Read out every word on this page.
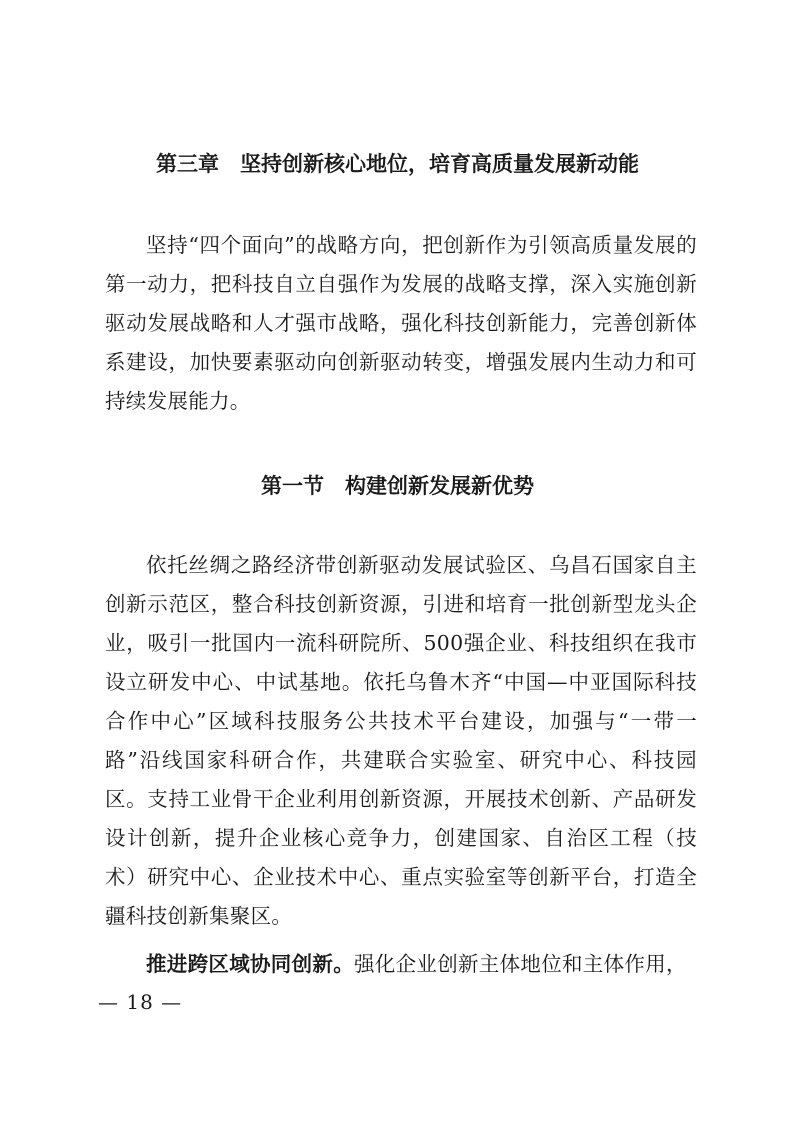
第三章　坚持创新核心地位，培育高质量发展新动能

坚持“四个面向”的战略方向，把创新作为引领高质量发展的第一动力，把科技自立自强作为发展的战略支撑，深入实施创新驱动发展战略和人才强市战略，强化科技创新能力，完善创新体系建设，加快要素驱动向创新驱动转变，增强发展内生动力和可持续发展能力。

第一节　构建创新发展新优势

依托丝绸之路经济带创新驱动发展试验区、乌昌石国家自主创新示范区，整合科技创新资源，引进和培育一批创新型龙头企业，吸引一批国内一流科研院所、500强企业、科技组织在我市设立研发中心、中试基地。依托乌鲁木齐“中国—中亚国际科技合作中心”区域科技服务公共技术平台建设，加强与“一带一路”沿线国家科研合作，共建联合实验室、研究中心、科技园区。支持工业骨干企业利用创新资源，开展技术创新、产品研发设计创新，提升企业核心竞争力，创建国家、自治区工程（技术）研究中心、企业技术中心、重点实验室等创新平台，打造全疆科技创新集聚区。

推进跨区域协同创新。强化企业创新主体地位和主体作用，

— 18 —
